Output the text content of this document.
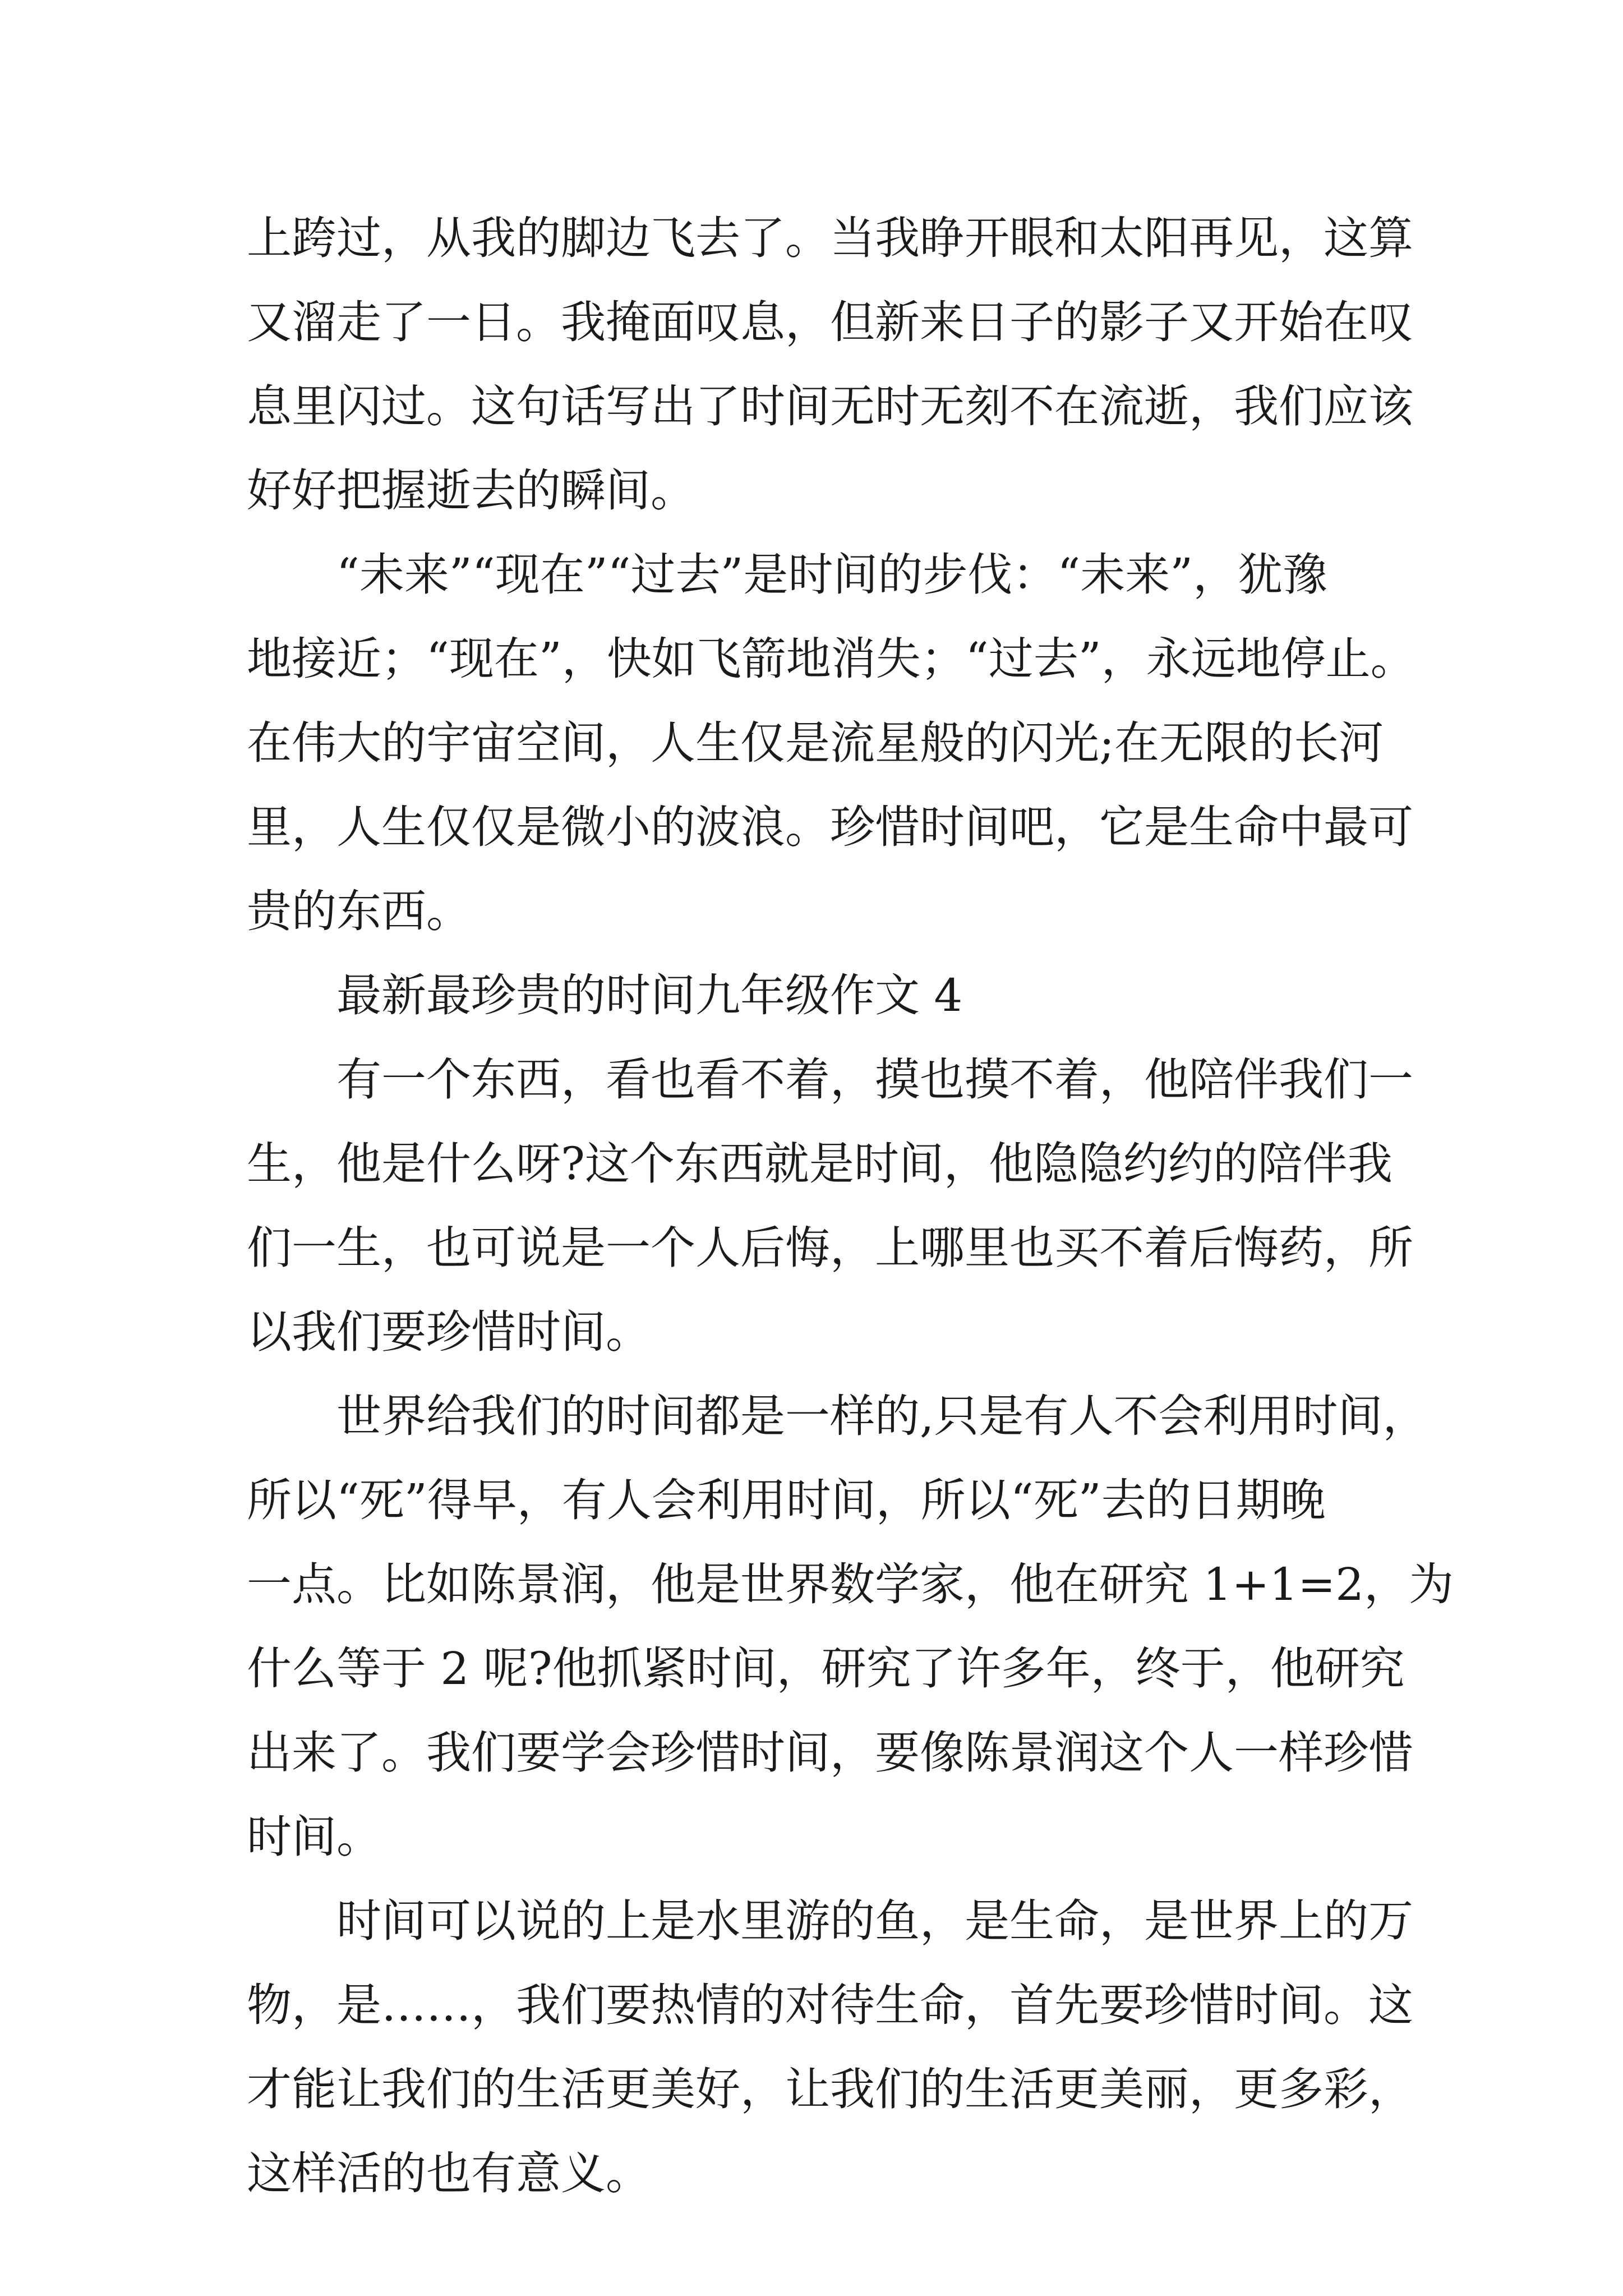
上跨过，从我的脚边飞去了。当我睁开眼和太阳再见，这算
又溜走了一日。我掩面叹息，但新来日子的影子又开始在叹
息里闪过。这句话写出了时间无时无刻不在流逝，我们应该
好好把握逝去的瞬间。
“未来”“现在”“过去”是时间的步伐：“未来”，犹豫
地接近；“现在”，快如飞箭地消失；“过去”，永远地停止。
在伟大的宇宙空间，人生仅是流星般的闪光;在无限的长河
里，人生仅仅是微小的波浪。珍惜时间吧，它是生命中最可
贵的东西。
最新最珍贵的时间九年级作文 4
有一个东西，看也看不着，摸也摸不着，他陪伴我们一
生，他是什么呀?这个东西就是时间，他隐隐约约的陪伴我
们一生，也可说是一个人后悔，上哪里也买不着后悔药，所
以我们要珍惜时间。
世界给我们的时间都是一样的,只是有人不会利用时间，
所以“死”得早，有人会利用时间，所以“死”去的日期晚
一点。比如陈景润，他是世界数学家，他在研究 1+1=2，为
什么等于 2 呢?他抓紧时间，研究了许多年，终于，他研究
出来了。我们要学会珍惜时间，要像陈景润这个人一样珍惜
时间。
时间可以说的上是水里游的鱼，是生命，是世界上的万
物，是……，我们要热情的对待生命，首先要珍惜时间。这
才能让我们的生活更美好，让我们的生活更美丽，更多彩，
这样活的也有意义。
